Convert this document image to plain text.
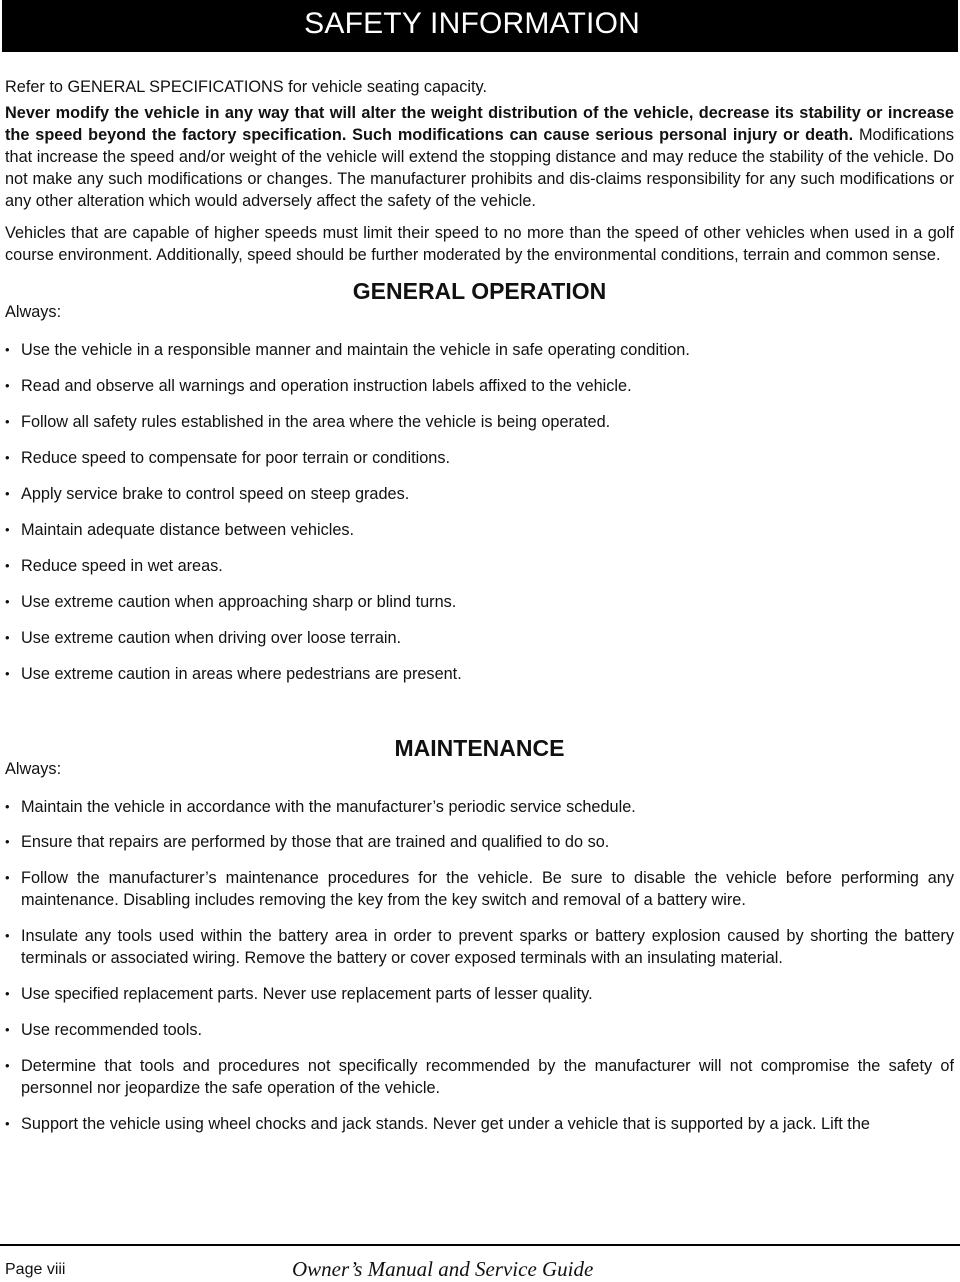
SAFETY INFORMATION

Refer to GENERAL SPECIFICATIONS for vehicle seating capacity.

Never modify the vehicle in any way that will alter the weight distribution of the vehicle, decrease its stability or increase the speed beyond the factory specification. Such modifications can cause serious personal injury or death. Modifications that increase the speed and/or weight of the vehicle will extend the stopping distance and may reduce the stability of the vehicle. Do not make any such modifications or changes. The manufacturer prohibits and dis-claims responsibility for any such modifications or any other alteration which would adversely affect the safety of the vehicle.

Vehicles that are capable of higher speeds must limit their speed to no more than the speed of other vehicles when used in a golf course environment. Additionally, speed should be further moderated by the environmental conditions, terrain and common sense.

GENERAL OPERATION

Always:

• Use the vehicle in a responsible manner and maintain the vehicle in safe operating condition.
• Read and observe all warnings and operation instruction labels affixed to the vehicle.
• Follow all safety rules established in the area where the vehicle is being operated.
• Reduce speed to compensate for poor terrain or conditions.
• Apply service brake to control speed on steep grades.
• Maintain adequate distance between vehicles.
• Reduce speed in wet areas.
• Use extreme caution when approaching sharp or blind turns.
• Use extreme caution when driving over loose terrain.
• Use extreme caution in areas where pedestrians are present.
MAINTENANCE

Always:

• Maintain the vehicle in accordance with the manufacturer’s periodic service schedule.
• Ensure that repairs are performed by those that are trained and qualified to do so.
• Follow the manufacturer’s maintenance procedures for the vehicle. Be sure to disable the vehicle before performing any maintenance. Disabling includes removing the key from the key switch and removal of a battery wire.
• Insulate any tools used within the battery area in order to prevent sparks or battery explosion caused by shorting the battery terminals or associated wiring. Remove the battery or cover exposed terminals with an insulating material.
• Use specified replacement parts. Never use replacement parts of lesser quality.
• Use recommended tools.
• Determine that tools and procedures not specifically recommended by the manufacturer will not compromise the safety of personnel nor jeopardize the safe operation of the vehicle.
• Support the vehicle using wheel chocks and jack stands. Never get under a vehicle that is supported by a jack. Lift the
Page viii	Owner’s Manual and Service Guide
